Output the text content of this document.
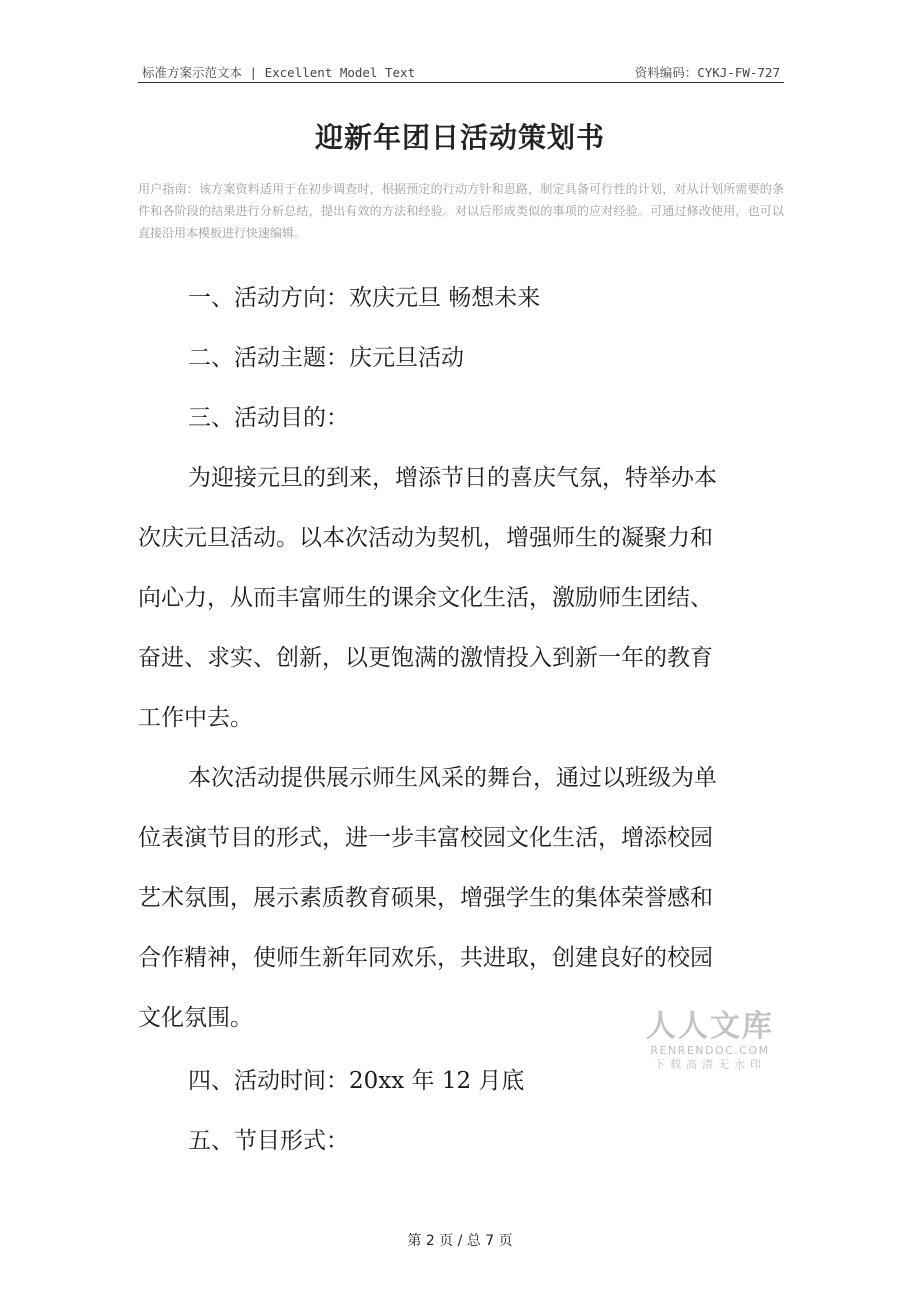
标准方案示范文本 | Excellent Model Text	资料编码：CYKJ-FW-727
迎新年团日活动策划书
用户指南：该方案资料适用于在初步调查时，根据预定的行动方针和思路，制定具备可行性的计划，对从计划所需要的条件和各阶段的结果进行分析总结，提出有效的方法和经验。对以后形成类似的事项的应对经验。可通过修改使用，也可以直接沿用本模板进行快速编辑。
一、活动方向：欢庆元旦 畅想未来
二、活动主题：庆元旦活动
三、活动目的：
为迎接元旦的到来，增添节日的喜庆气氛，特举办本
次庆元旦活动。以本次活动为契机，增强师生的凝聚力和
向心力，从而丰富师生的课余文化生活，激励师生团结、
奋进、求实、创新，以更饱满的激情投入到新一年的教育
工作中去。
本次活动提供展示师生风采的舞台，通过以班级为单
位表演节目的形式，进一步丰富校园文化生活，增添校园
艺术氛围，展示素质教育硕果，增强学生的集体荣誉感和
合作精神，使师生新年同欢乐，共进取，创建良好的校园
文化氛围。
四、活动时间：20xx 年 12 月底
五、节目形式：
人人文库
RENRENDOC.COM
下载高清无水印
第 2 页 / 总 7 页
